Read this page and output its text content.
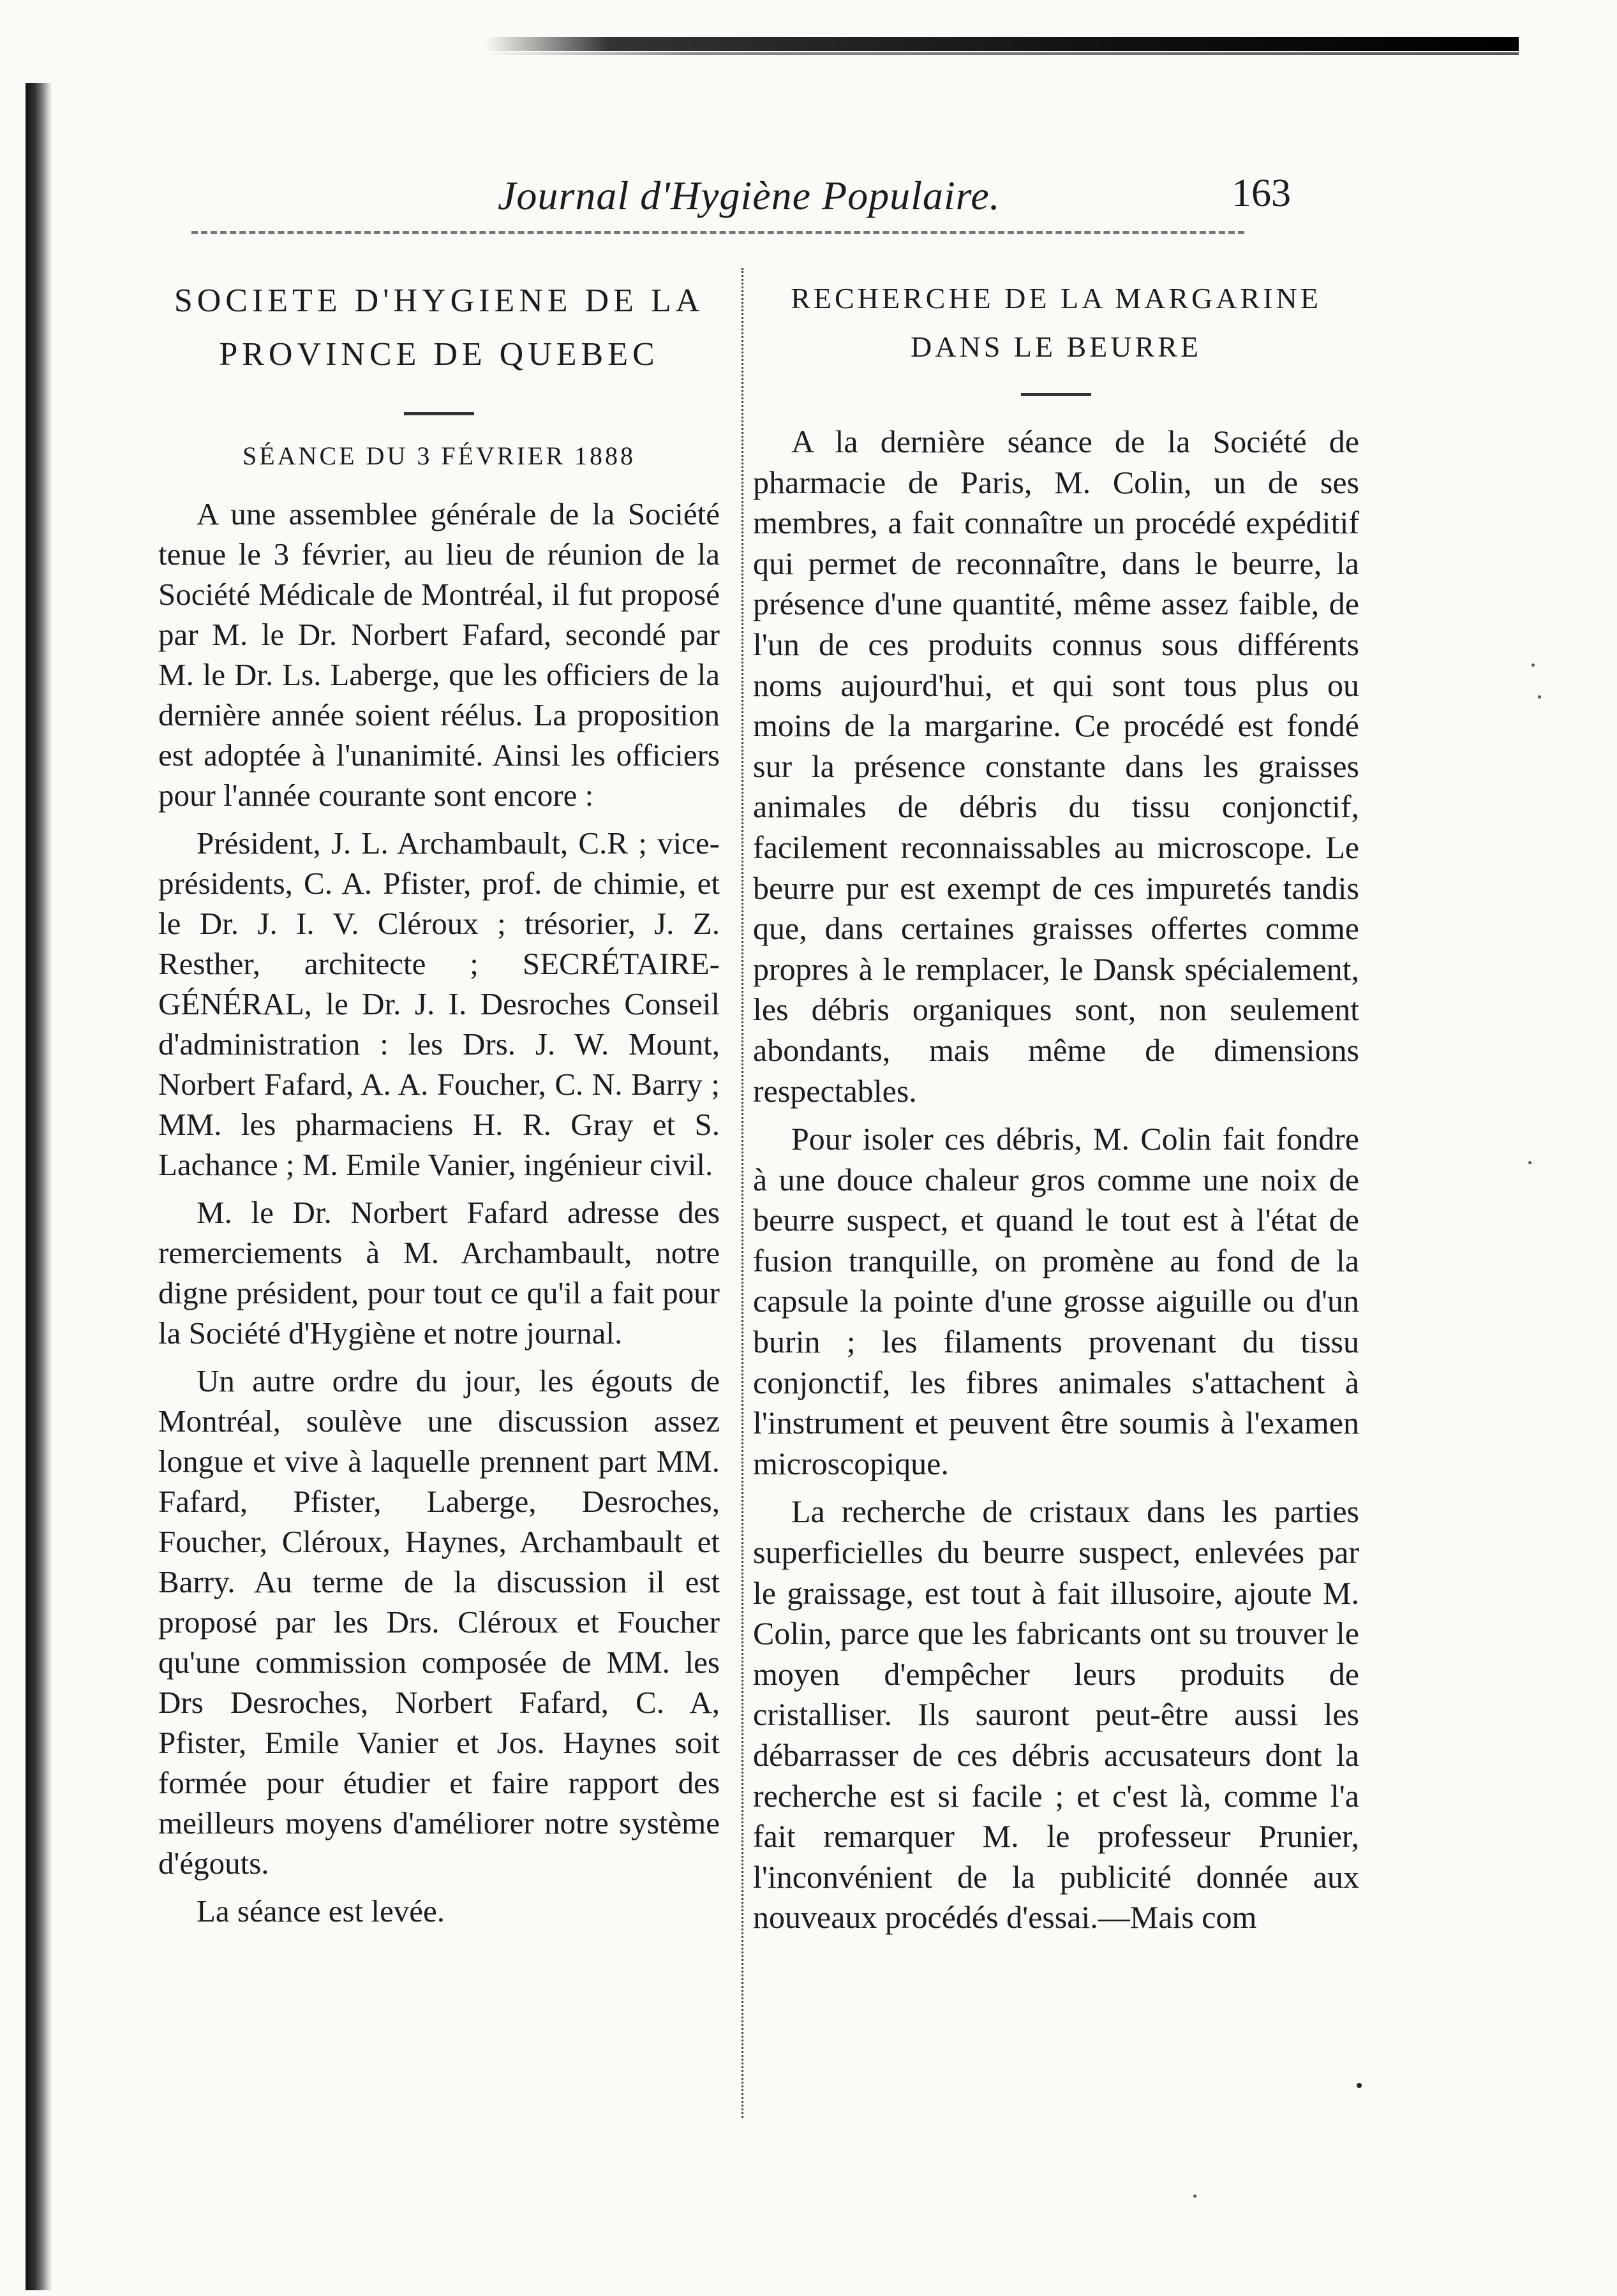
Journal d'Hygiène Populaire.	163
SOCIETE D'HYGIENE DE LA
PROVINCE DE QUEBEC
SÉANCE DU 3 FÉVRIER 1888

A une assemblee générale de la Société tenue le 3 février, au lieu de réunion de la Société Médicale de Montréal, il fut proposé par M. le Dr. Norbert Fafard, secondé par M. le Dr. Ls. Laberge, que les officiers de la dernière année soient réélus. La proposition est adoptée à l'unanimité. Ainsi les officiers pour l'année courante sont encore :

Président, J. L. Archambault, C.R ; vice-présidents, C. A. Pfister, prof. de chimie, et le Dr. J. I. V. Cléroux ; trésorier, J. Z. Resther, architecte ; SECRÉTAIRE-GÉNÉRAL, le Dr. J. I. Desroches Conseil d'administration : les Drs. J. W. Mount, Norbert Fafard, A. A. Foucher, C. N. Barry ; MM. les pharmaciens H. R. Gray et S. Lachance ; M. Emile Vanier, ingénieur civil.

M. le Dr. Norbert Fafard adresse des remerciements à M. Archambault, notre digne président, pour tout ce qu'il a fait pour la Société d'Hygiène et notre journal.

Un autre ordre du jour, les égouts de Montréal, soulève une discussion assez longue et vive à laquelle prennent part MM. Fafard, Pfister, Laberge, Desroches, Foucher, Cléroux, Haynes, Archambault et Barry. Au terme de la discussion il est proposé par les Drs. Cléroux et Foucher qu'une commission composée de MM. les Drs Desroches, Norbert Fafard, C. A, Pfister, Emile Vanier et Jos. Haynes soit formée pour étudier et faire rapport des meilleurs moyens d'améliorer notre système d'égouts.

La séance est levée.

RECHERCHE DE LA MARGARINE
DANS LE BEURRE

A la dernière séance de la Société de pharmacie de Paris, M. Colin, un de ses membres, a fait connaître un procédé expéditif qui permet de reconnaître, dans le beurre, la présence d'une quantité, même assez faible, de l'un de ces produits connus sous différents noms aujourd'hui, et qui sont tous plus ou moins de la margarine. Ce procédé est fondé sur la présence constante dans les graisses animales de débris du tissu conjonctif, facilement reconnaissables au microscope. Le beurre pur est exempt de ces impuretés tandis que, dans certaines graisses offertes comme propres à le remplacer, le Dansk spécialement, les débris organiques sont, non seulement abondants, mais même de dimensions respectables.

Pour isoler ces débris, M. Colin fait fondre à une douce chaleur gros comme une noix de beurre suspect, et quand le tout est à l'état de fusion tranquille, on promène au fond de la capsule la pointe d'une grosse aiguille ou d'un burin ; les filaments provenant du tissu conjonctif, les fibres animales s'attachent à l'instrument et peuvent être soumis à l'examen microscopique.

La recherche de cristaux dans les parties superficielles du beurre suspect, enlevées par le graissage, est tout à fait illusoire, ajoute M. Colin, parce que les fabricants ont su trouver le moyen d'empêcher leurs produits de cristalliser. Ils sauront peut-être aussi les débarrasser de ces débris accusateurs dont la recherche est si facile ; et c'est là, comme l'a fait remarquer M. le professeur Prunier, l'inconvénient de la publicité donnée aux nouveaux procédés d'essai.—Mais com
